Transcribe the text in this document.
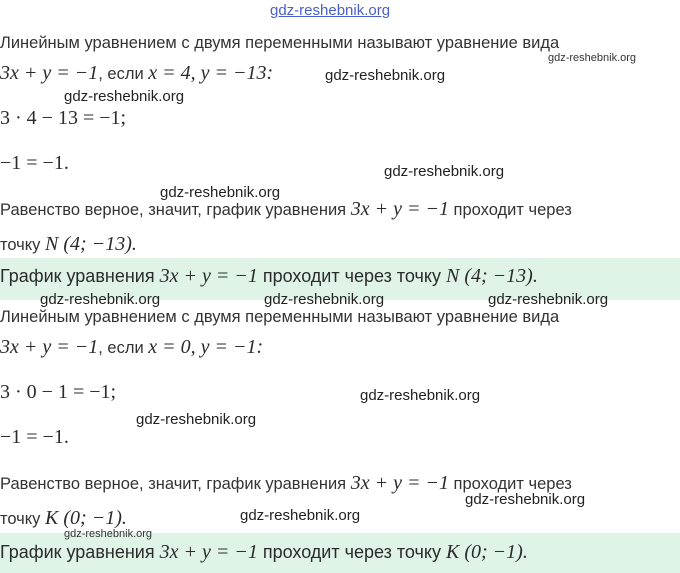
gdz-reshebnik.org
Линейным уравнением с двумя переменными называют уравнение вида
3x + y = −1, если x = 4, y = −13:
3 · 4 − 13 = −1;
−1 = −1.
Равенство верное, значит, график уравнения 3x + y = −1 проходит через
точку N (4; −13).
График уравнения 3x + y = −1 проходит через точку N (4; −13).
Линейным уравнением с двумя переменными называют уравнение вида
3x + y = −1, если x = 0, y = −1:
3 · 0 − 1 = −1;
−1 = −1.
Равенство верное, значит, график уравнения 3x + y = −1 проходит через
точку K (0; −1).
График уравнения 3x + y = −1 проходит через точку K (0; −1).
gdz-reshebnik.org
gdz-reshebnik.org
gdz-reshebnik.org
gdz-reshebnik.org
gdz-reshebnik.org
gdz-reshebnik.org	gdz-reshebnik.org	gdz-reshebnik.org
gdz-reshebnik.org
gdz-reshebnik.org
gdz-reshebnik.org
gdz-reshebnik.org
gdz-reshebnik.org
